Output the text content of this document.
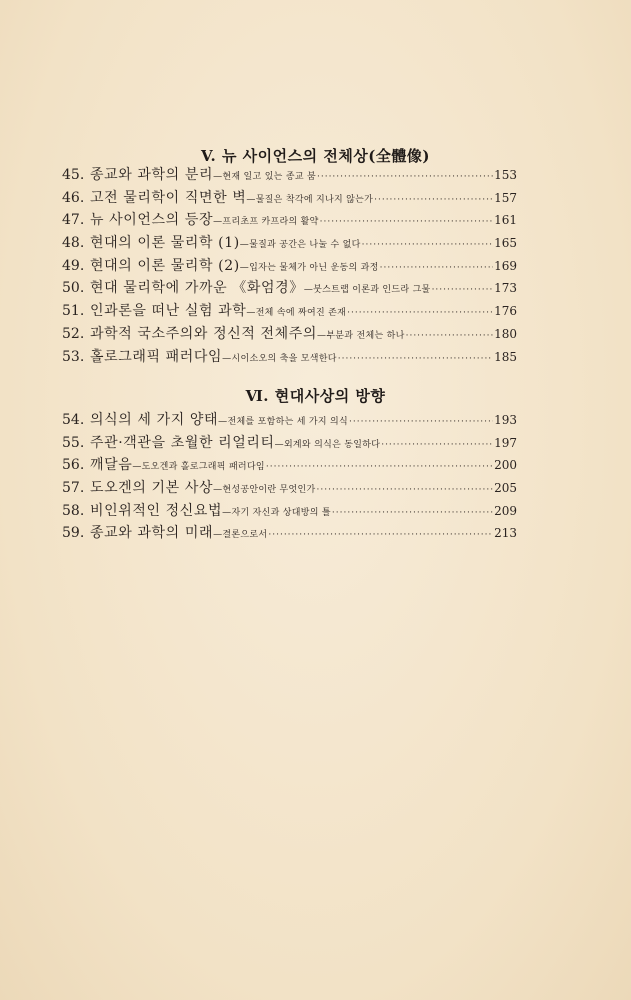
V. 뉴 사이언스의 전체상(全體像)
45. 종교와 과학의 분리 —현재 일고 있는 종교 붐 ·····	153
46. 고전 물리학이 직면한 벽 —물질은 착각에 지나지 않는가 ·····	157
47. 뉴 사이언스의 등장 —프리초프 카프라의 활약 ·····	161
48. 현대의 이론 물리학 (1) —물질과 공간은 나눌 수 없다 ·····	165
49. 현대의 이론 물리학 (2) —입자는 물체가 아닌 운동의 과정 ·····	169
50. 현대 물리학에 가까운 《화엄경》 —붓스트랩 이론과 인드라 그물 ·····	173
51. 인과론을 떠난 실험 과학 —전체 속에 짜여진 존재 ·····	176
52. 과학적 국소주의와 정신적 전체주의 —부분과 전체는 하나 ·····	180
53. 홀로그래픽 패러다임 —시이소오의 축을 모색한다 ·····	185
Ⅵ. 현대사상의 방향
54. 의식의 세 가지 양태 —전체를 포함하는 세 가지 의식 ·····	193
55. 주관·객관을 초월한 리얼리티 —외계와 의식은 동일하다 ·····	197
56. 깨달음 —도오겐과 홀로그래픽 패러다임 ·····	200
57. 도오겐의 기본 사상 —현성공안이란 무엇인가 ·····	205
58. 비인위적인 정신요법 —자기 자신과 상대방의 틀 ·····	209
59. 종교와 과학의 미래 —결론으로서 ·····	213
